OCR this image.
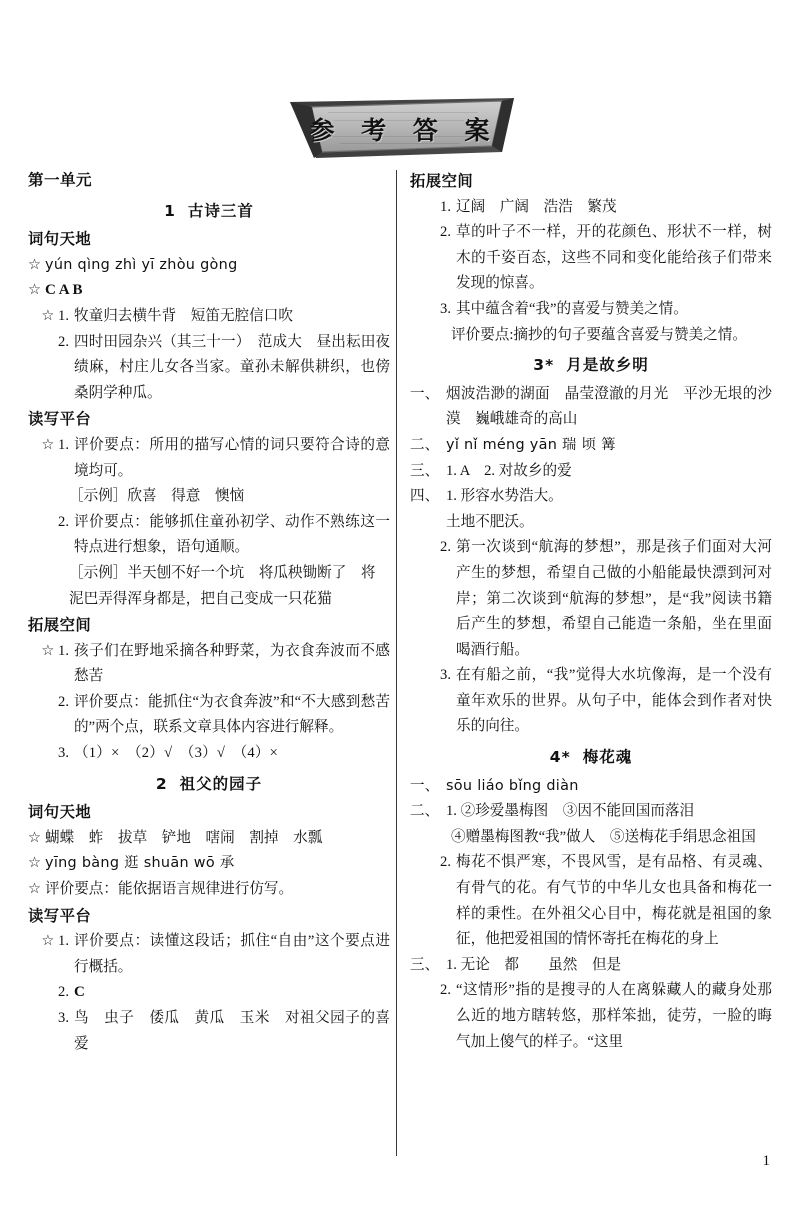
参 考 答 案
第一单元
1 古诗三首
词句天地
☆ yún qìng zhì yī zhòu gòng
☆ C A B
☆ 1. 牧童归去横牛背　短笛无腔信口吹
2. 四时田园杂兴（其三十一）　范成大　昼出耘田夜绩麻，村庄儿女各当家。童孙未解供耕织，也傍桑阴学种瓜。
读写平台
☆ 1. 评价要点：所用的描写心情的词只要符合诗的意境均可。
［示例］欣喜　得意　懊恼
2. 评价要点：能够抓住童孙初学、动作不熟练这一特点进行想象，语句通顺。
［示例］半天刨不好一个坑　将瓜秧锄断了　将泥巴弄得浑身都是，把自己变成一只花猫
拓展空间
☆ 1. 孩子们在野地采摘各种野菜，为衣食奔波而不感愁苦
2. 评价要点：能抓住“为衣食奔波”和“不大感到愁苦的”两个点，联系文章具体内容进行解释。
3. （1）×　（2）√　（3）√　（4）×
2 祖父的园子
词句天地
☆ 蝴蝶　蚱　拔草　铲地　嗐闹　割掉　水瓢
☆ yīng bàng 逛 shuān wō 承
☆ 评价要点：能依据语言规律进行仿写。
读写平台
☆ 1. 评价要点：读懂这段话；抓住“自由”这个要点进行概括。
2. C
3. 鸟　虫子　倭瓜　黄瓜　玉米　对祖父园子的喜爱
拓展空间
1. 辽阔　广阔　浩浩　繁茂
2. 草的叶子不一样，开的花颜色、形状不一样，树木的千姿百态，这些不同和变化能给孩子们带来发现的惊喜。
3. 其中蕴含着“我”的喜爱与赞美之情。
评价要点:摘抄的句子要蕴含喜爱与赞美之情。
3* 月是故乡明
一、 烟波浩渺的湖面　晶莹澄澈的月光　平沙无垠的沙漠　巍峨雄奇的高山
二、 yǐ nǐ méng yān 瑞 顷 篝
三、 1. A　2. 对故乡的爱
四、 1. 形容水势浩大。
土地不肥沃。
2. 第一次谈到“航海的梦想”，那是孩子们面对大河产生的梦想，希望自己做的小船能最快漂到河对岸；第二次谈到“航海的梦想”，是“我”阅读书籍后产生的梦想，希望自己能造一条船，坐在里面喝酒行船。
3. 在有船之前，“我”觉得大水坑像海，是一个没有童年欢乐的世界。从句子中，能体会到作者对快乐的向往。
4* 梅花魂
一、 sōu liáo bǐng diàn
二、 1. ②珍爱墨梅图　③因不能回国而落泪
④赠墨梅图教“我”做人　⑤送梅花手绢思念祖国
2. 梅花不惧严寒，不畏风雪，是有品格、有灵魂、有骨气的花。有气节的中华儿女也具备和梅花一样的秉性。在外祖父心目中，梅花就是祖国的象征，他把爱祖国的情怀寄托在梅花的身上
三、 1. 无论　都　　虽然　但是
2. “这情形”指的是搜寻的人在离躲藏人的藏身处那么近的地方瞎转悠，那样笨拙，徒劳，一脸的晦气加上傻气的样子。“这里
1
